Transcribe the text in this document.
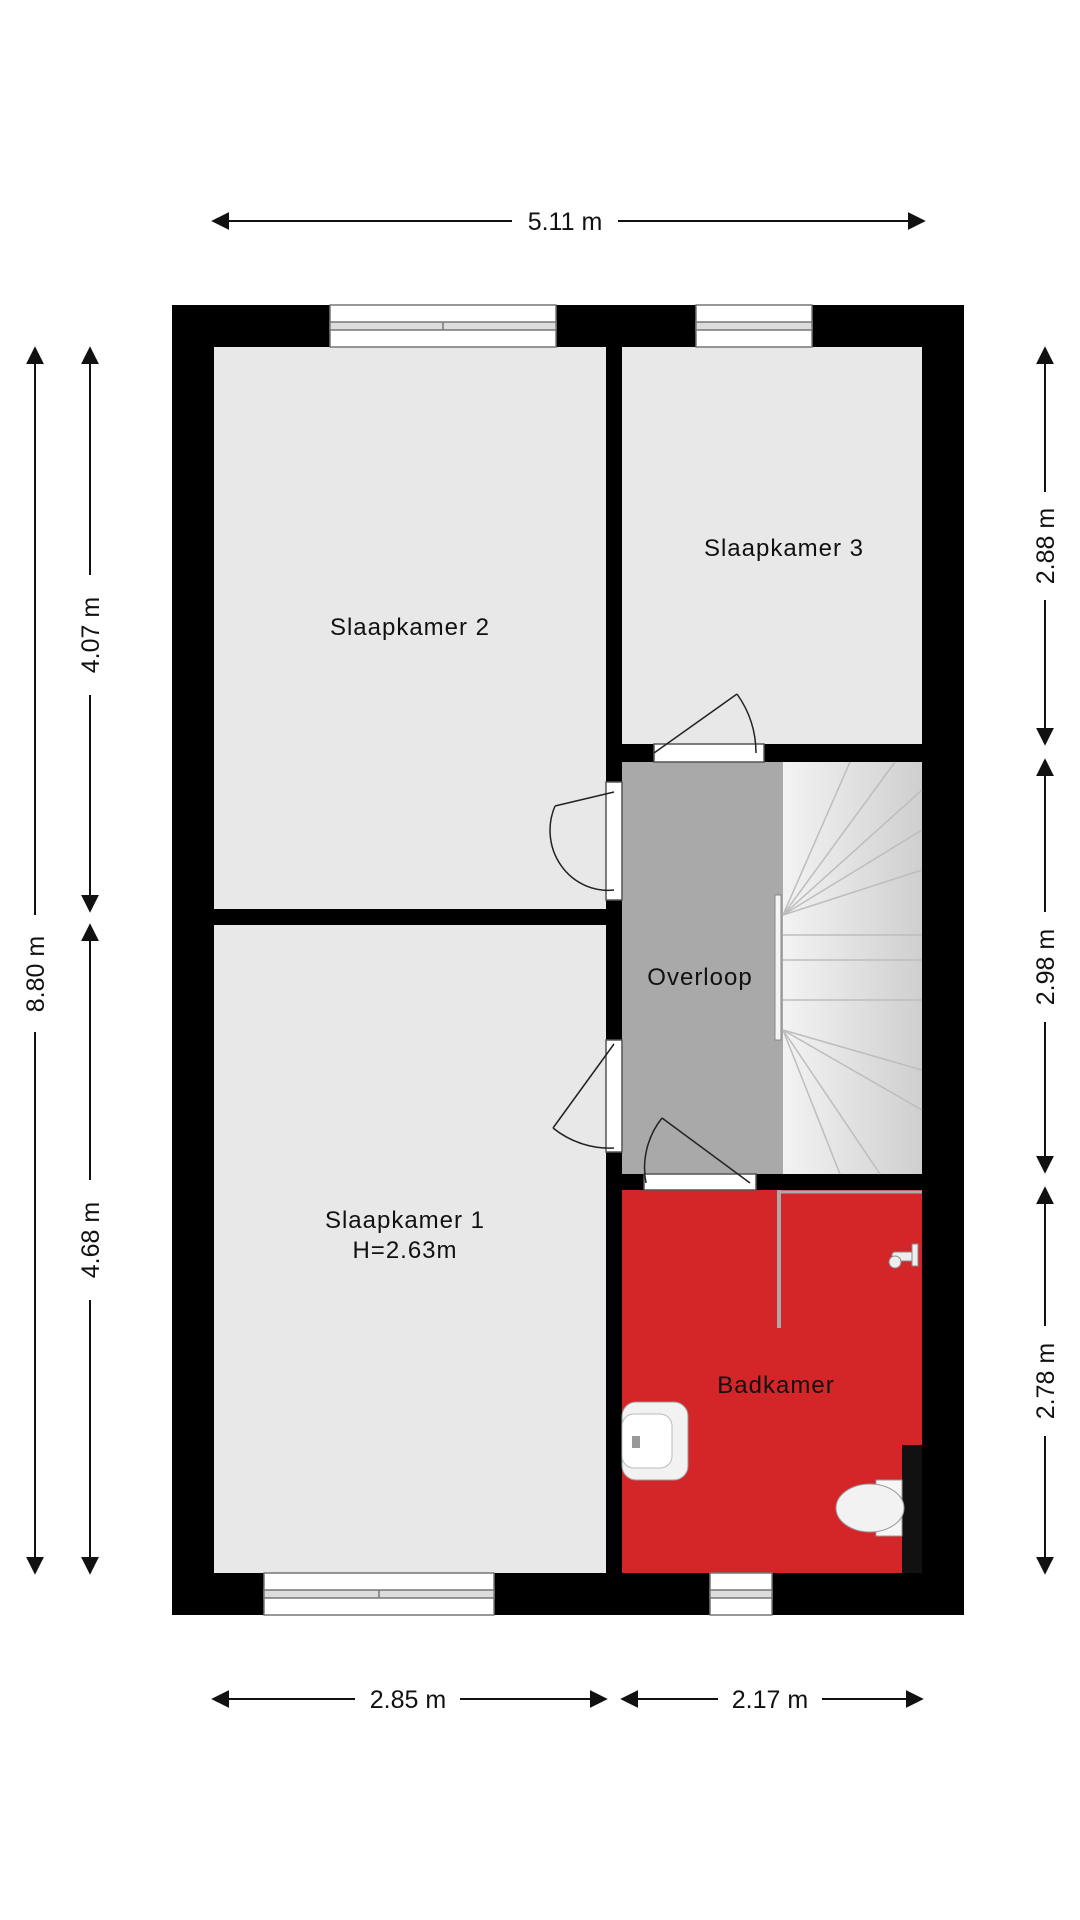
Slaapkamer 2
Slaapkamer 3
Overloop
Slaapkamer 1
H=2.63m
Badkamer
5.11 m
8.80 m
4.07 m
4.68 m
2.88 m
2.98 m
2.78 m
2.85 m	2.17 m
